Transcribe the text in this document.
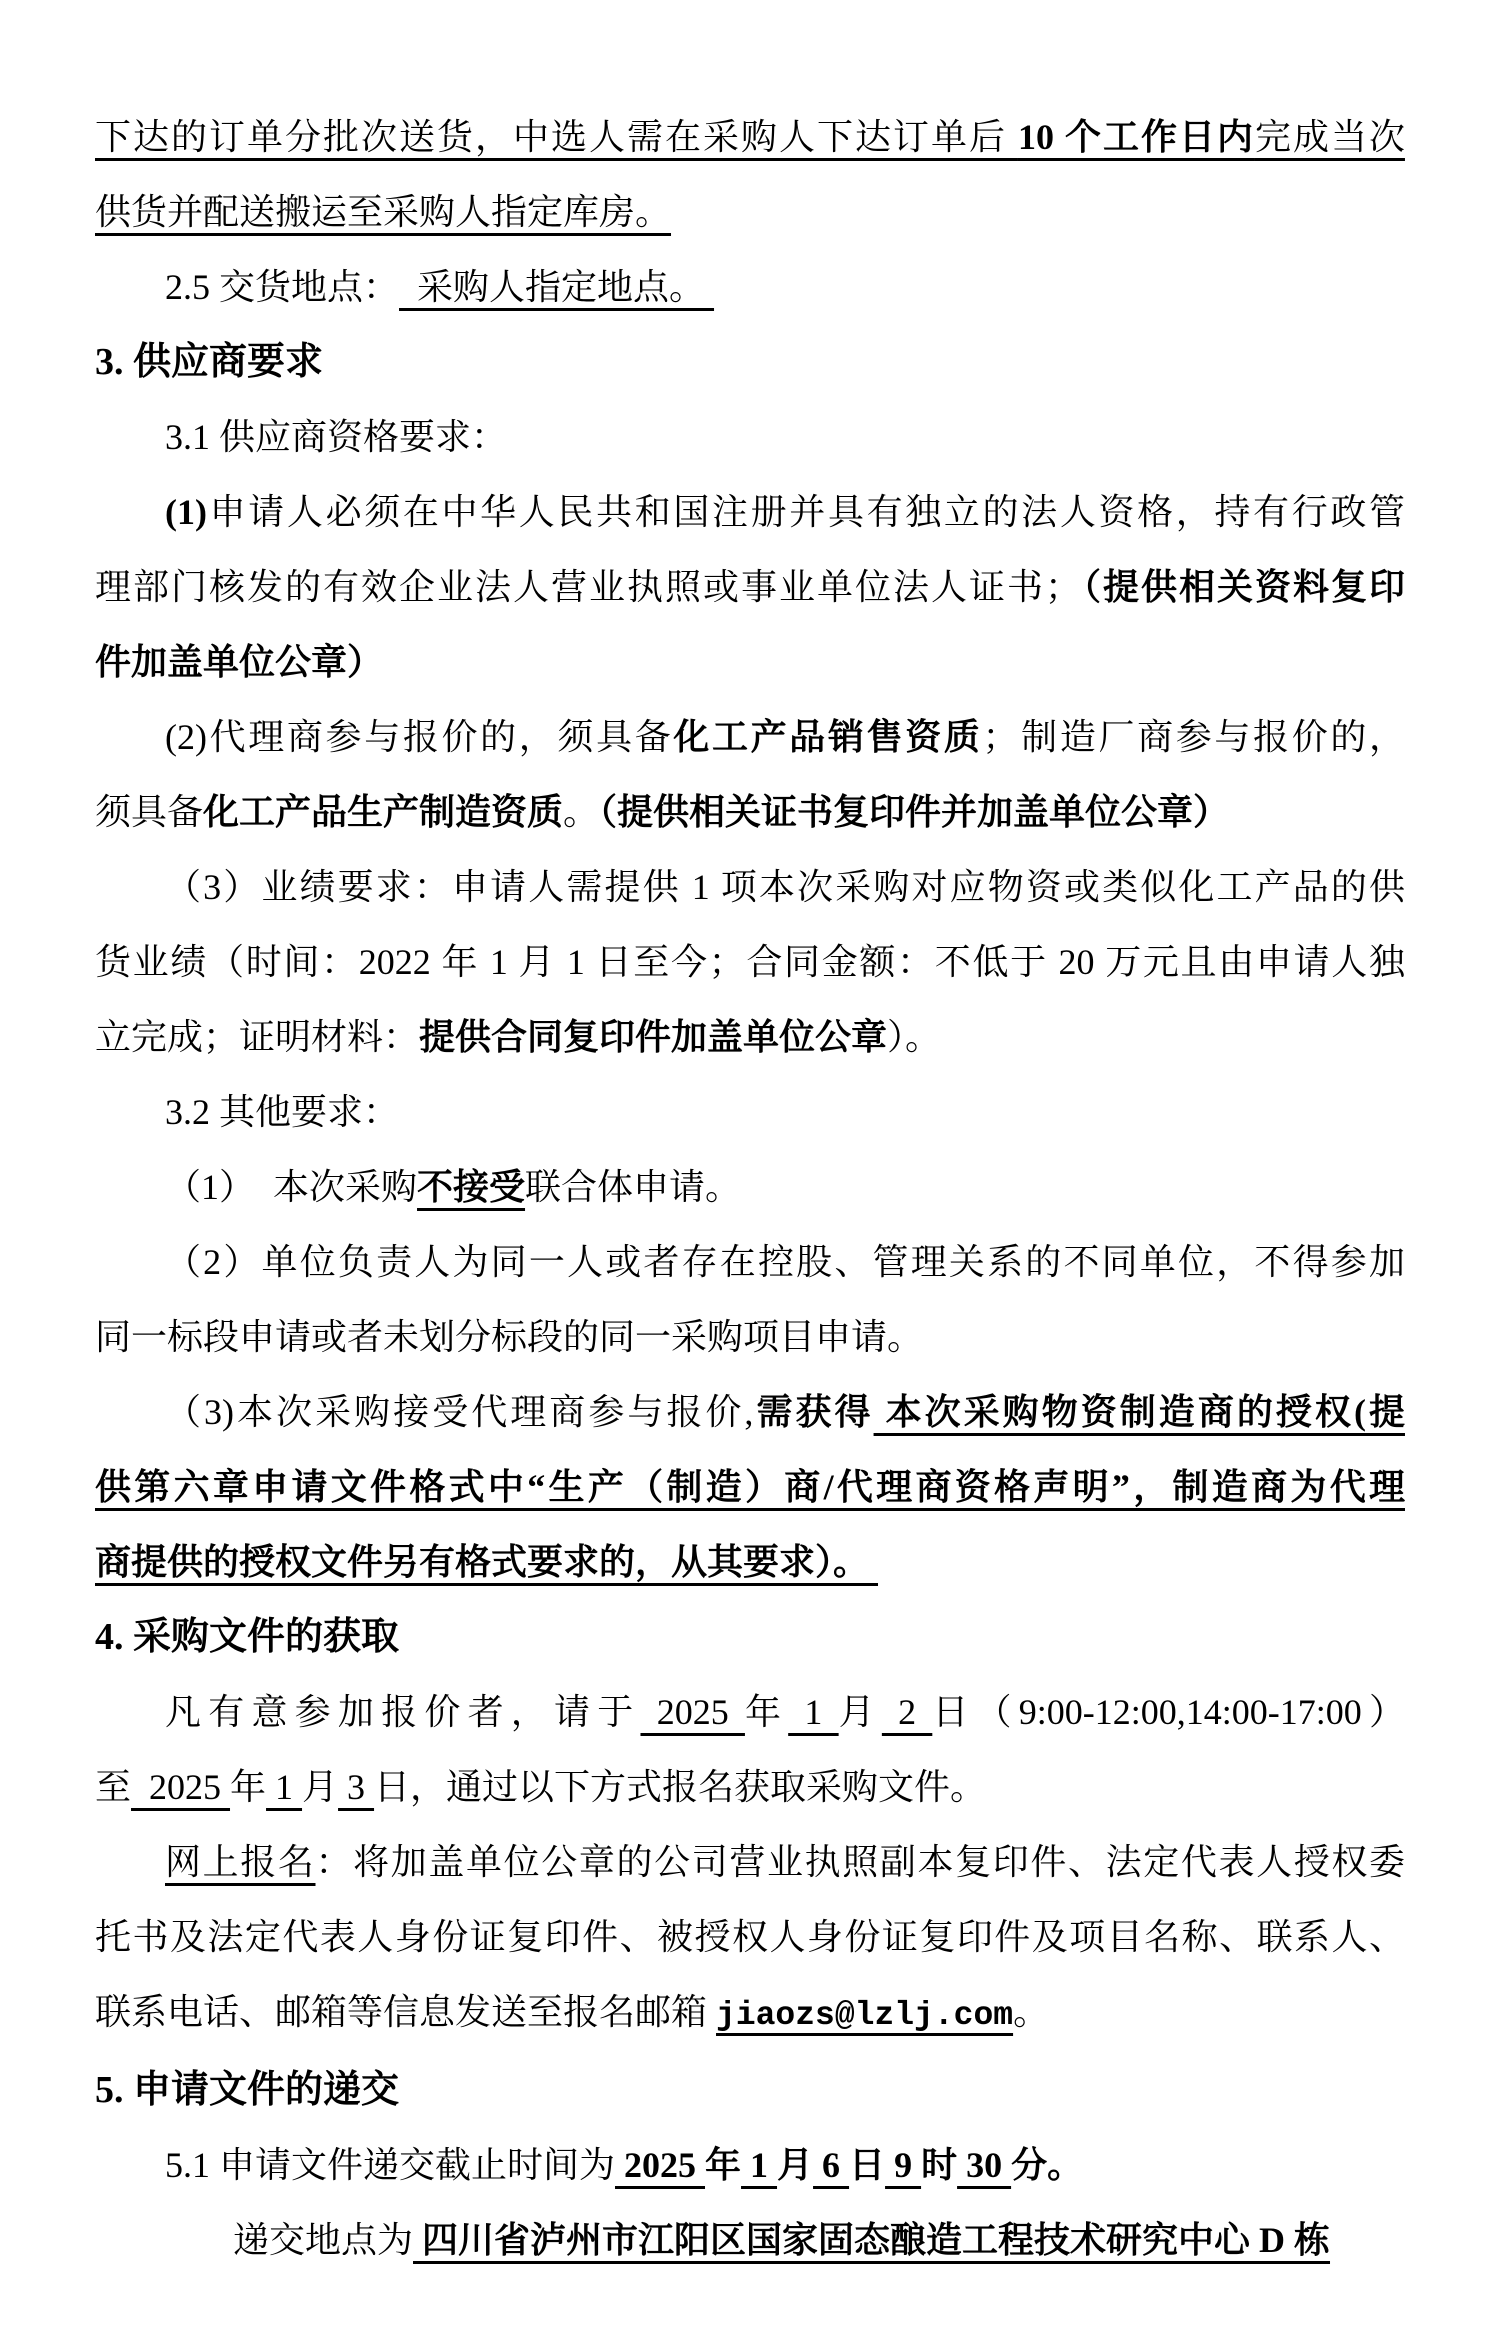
下达的订单分批次送货，中选人需在采购人下达订单后 10 个工作日内完成当次

供货并配送搬运至采购人指定库房。

2.5 交货地点：  采购人指定地点。

3. 供应商要求

3.1 供应商资格要求：

(1)申请人必须在中华人民共和国注册并具有独立的法人资格，持有行政管

理部门核发的有效企业法人营业执照或事业单位法人证书；（提供相关资料复印

件加盖单位公章）

(2)代理商参与报价的，须具备化工产品销售资质；制造厂商参与报价的，

须具备化工产品生产制造资质。（提供相关证书复印件并加盖单位公章）

（3）业绩要求：申请人需提供 1 项本次采购对应物资或类似化工产品的供

货业绩（时间：2022 年 1 月 1 日至今；合同金额：不低于 20 万元且由申请人独

立完成；证明材料：提供合同复印件加盖单位公章）。

3.2 其他要求：

（1）　本次采购不接受联合体申请。

（2）单位负责人为同一人或者存在控股、管理关系的不同单位，不得参加

同一标段申请或者未划分标段的同一采购项目申请。

（3)本次采购接受代理商参与报价,需获得 本次采购物资制造商的授权(提

供第六章申请文件格式中“生产（制造）商/代理商资格声明”，制造商为代理

商提供的授权文件另有格式要求的，从其要求）。

4. 采购文件的获取

凡有意参加报价者，请于 2025 年 1 月 2 日（9:00-12:00,14:00-17:00）

至  2025 年 1 月 3 日，通过以下方式报名获取采购文件。

网上报名：将加盖单位公章的公司营业执照副本复印件、法定代表人授权委

托书及法定代表人身份证复印件、被授权人身份证复印件及项目名称、联系人、

联系电话、邮箱等信息发送至报名邮箱 jiaozs@lzlj.com。

5. 申请文件的递交

5.1 申请文件递交截止时间为 2025 年 1 月 6 日 9 时 30 分。

递交地点为 四川省泸州市江阳区国家固态酿造工程技术研究中心 D 栋
